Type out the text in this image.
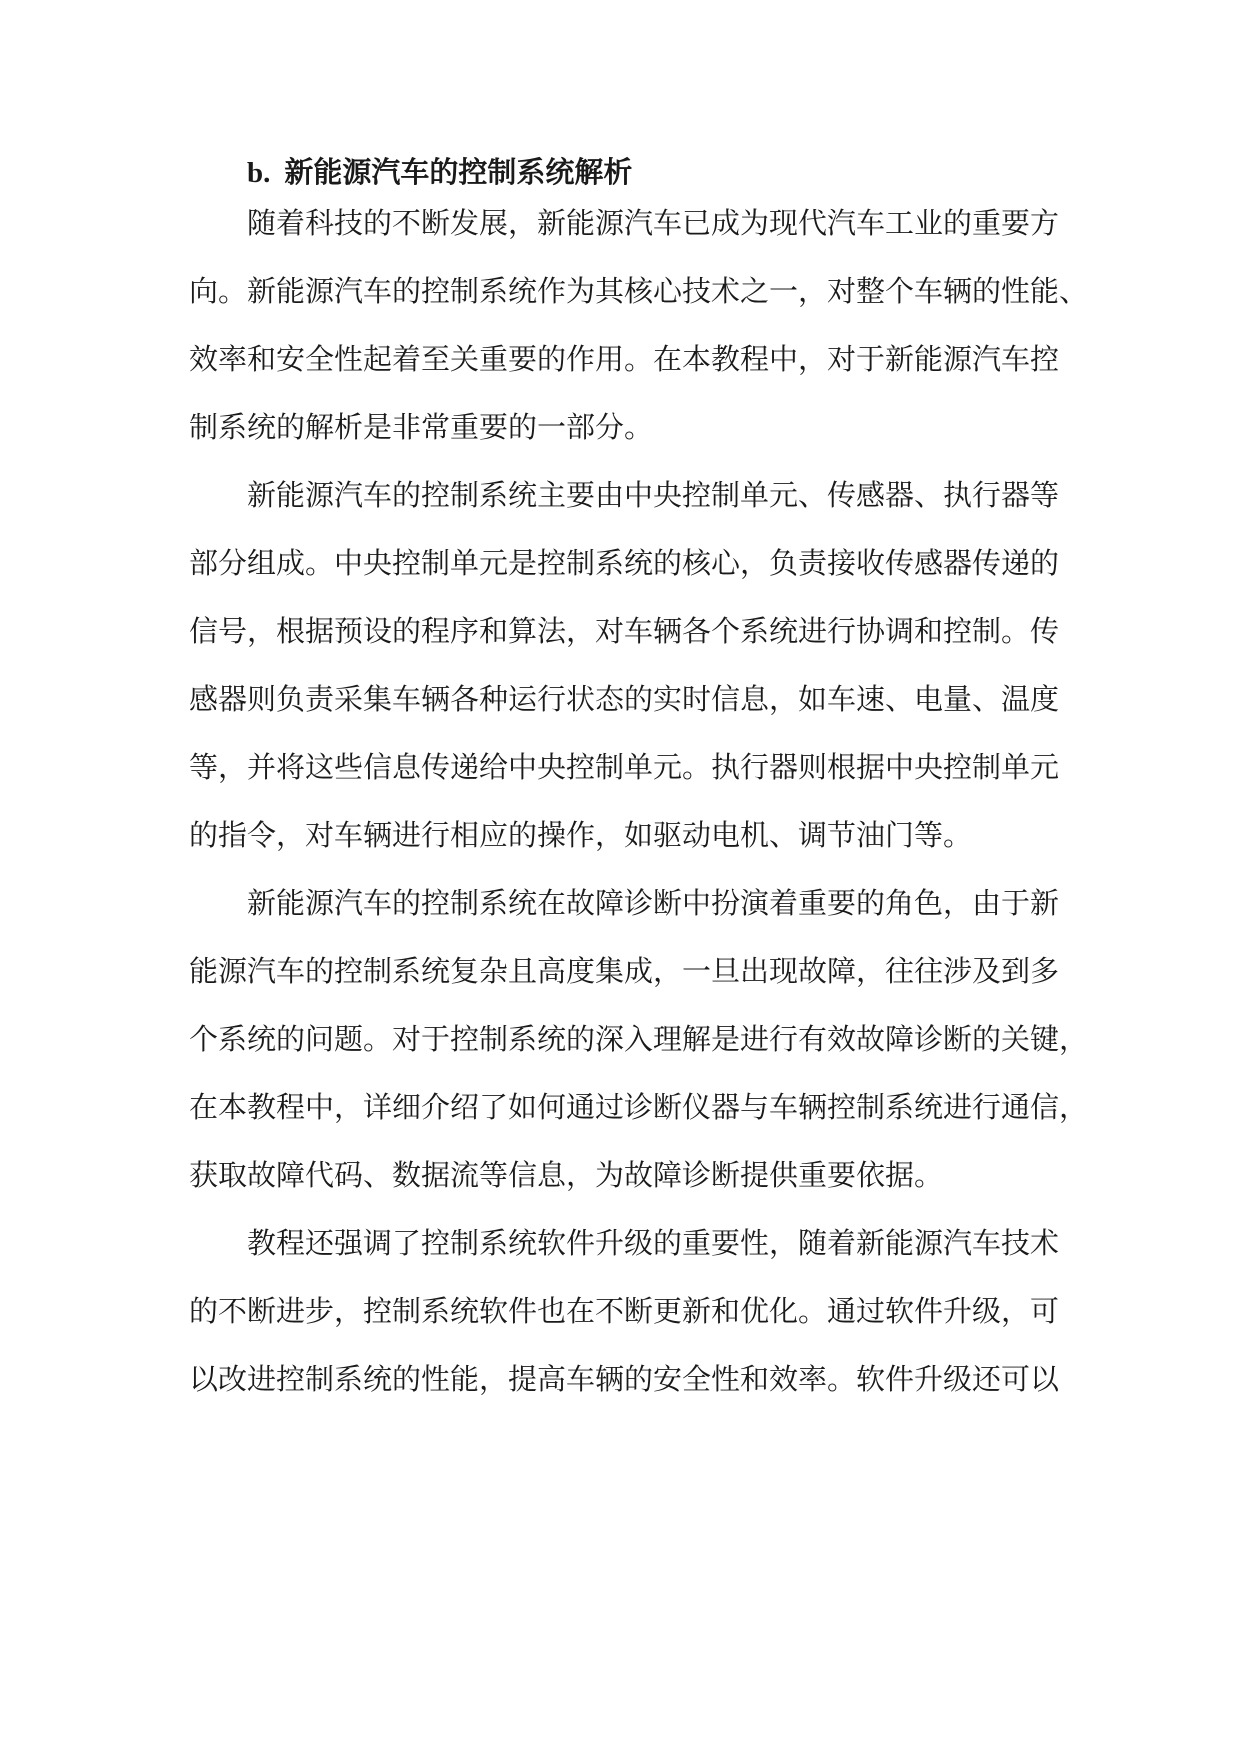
b. 新能源汽车的控制系统解析
随着科技的不断发展，新能源汽车已成为现代汽车工业的重要方
向。新能源汽车的控制系统作为其核心技术之一，对整个车辆的性能、
效率和安全性起着至关重要的作用。在本教程中，对于新能源汽车控
制系统的解析是非常重要的一部分。
新能源汽车的控制系统主要由中央控制单元、传感器、执行器等
部分组成。中央控制单元是控制系统的核心，负责接收传感器传递的
信号，根据预设的程序和算法，对车辆各个系统进行协调和控制。传
感器则负责采集车辆各种运行状态的实时信息，如车速、电量、温度
等，并将这些信息传递给中央控制单元。执行器则根据中央控制单元
的指令，对车辆进行相应的操作，如驱动电机、调节油门等。
新能源汽车的控制系统在故障诊断中扮演着重要的角色，由于新
能源汽车的控制系统复杂且高度集成，一旦出现故障，往往涉及到多
个系统的问题。对于控制系统的深入理解是进行有效故障诊断的关键，
在本教程中，详细介绍了如何通过诊断仪器与车辆控制系统进行通信，
获取故障代码、数据流等信息，为故障诊断提供重要依据。
教程还强调了控制系统软件升级的重要性，随着新能源汽车技术
的不断进步，控制系统软件也在不断更新和优化。通过软件升级，可
以改进控制系统的性能，提高车辆的安全性和效率。软件升级还可以
